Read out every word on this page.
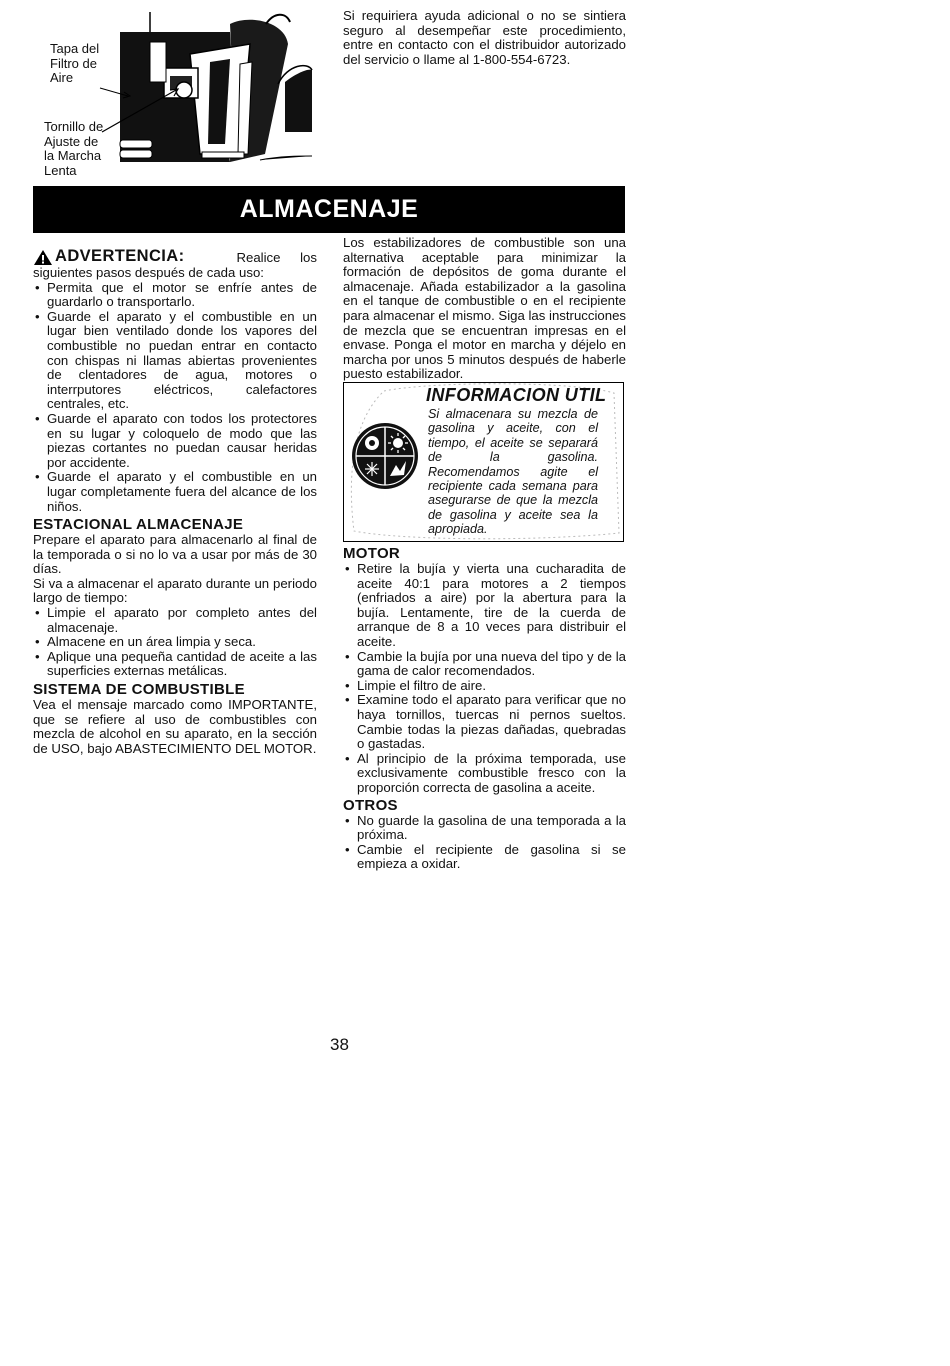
Tapa del
Filtro de
Aire
Tornillo de
Ajuste de
la Marcha
Lenta
Si requiriera ayuda adicional o no se sintiera seguro al desempeñar este procedimiento, entre en contacto con el distribuidor autorizado del servicio o llame al 1-800-554-6723.
ALMACENAJE
ADVERTENCIA:	Realice los
siguientes pasos después de cada uso:
• Permita que el motor se enfríe antes de guardarlo o transportarlo.
• Guarde el aparato y el combustible en un lugar bien ventilado donde los vapores del combustible no puedan entrar en contacto con chispas ni llamas abiertas provenientes de clentadores de agua, motores o interrputores eléctricos, calefactores centrales, etc.
• Guarde el aparato con todos los protectores en su lugar y coloquelo de modo que las piezas cortantes no puedan causar heridas por accidente.
• Guarde el aparato y el combustible en un lugar completamente fuera del alcance de los niños.
ESTACIONAL ALMACENAJE
Prepare el aparato para almacenarlo al final de la temporada o si no lo va a usar por más de 30 días.
Si va a almacenar el aparato durante un periodo largo de tiempo:
• Limpie el aparato por completo antes del almacenaje.
• Almacene en un área limpia y seca.
• Aplique una pequeña cantidad de aceite a las superficies externas metálicas.
SISTEMA DE COMBUSTIBLE
Vea el mensaje marcado como IMPORTANTE, que se refiere al uso de combustibles con mezcla de alcohol en su aparato, en la sección de USO, bajo ABASTECIMIENTO DEL MOTOR.
Los estabilizadores de combustible son una alternativa aceptable para minimizar la formación de depósitos de goma durante el almacenaje. Añada estabilizador a la gasolina en el tanque de combustible o en el recipiente para almacenar el mismo. Siga las instrucciones de mezcla que se encuentran impresas en el envase. Ponga el motor en marcha y déjelo en marcha por unos 5 minutos después de haberle puesto estabilizador.
INFORMACION UTIL
Si almacenara su mezcla de gasolina y aceite, con el tiempo, el aceite se separará de la gasolina. Recomendamos agite el recipiente cada semana para asegurarse de que la mezcla de gasolina y aceite sea la apropiada.
MOTOR
• Retire la bujía y vierta una cucharadita de aceite 40:1 para motores a 2 tiempos (enfriados a aire) por la abertura para la bujía. Lentamente, tire de la cuerda de arranque de 8 a 10 veces para distribuir el aceite.
• Cambie la bujía por una nueva del tipo y de la gama de calor recomendados.
• Limpie el filtro de aire.
• Examine todo el aparato para verificar que no haya tornillos, tuercas ni pernos sueltos. Cambie todas la piezas dañadas, quebradas o gastadas.
• Al principio de la próxima temporada, use exclusivamente combustible fresco con la proporción correcta de gasolina a aceite.
OTROS
• No guarde la gasolina de una temporada a la próxima.
• Cambie el recipiente de gasolina si se empieza a oxidar.
38
